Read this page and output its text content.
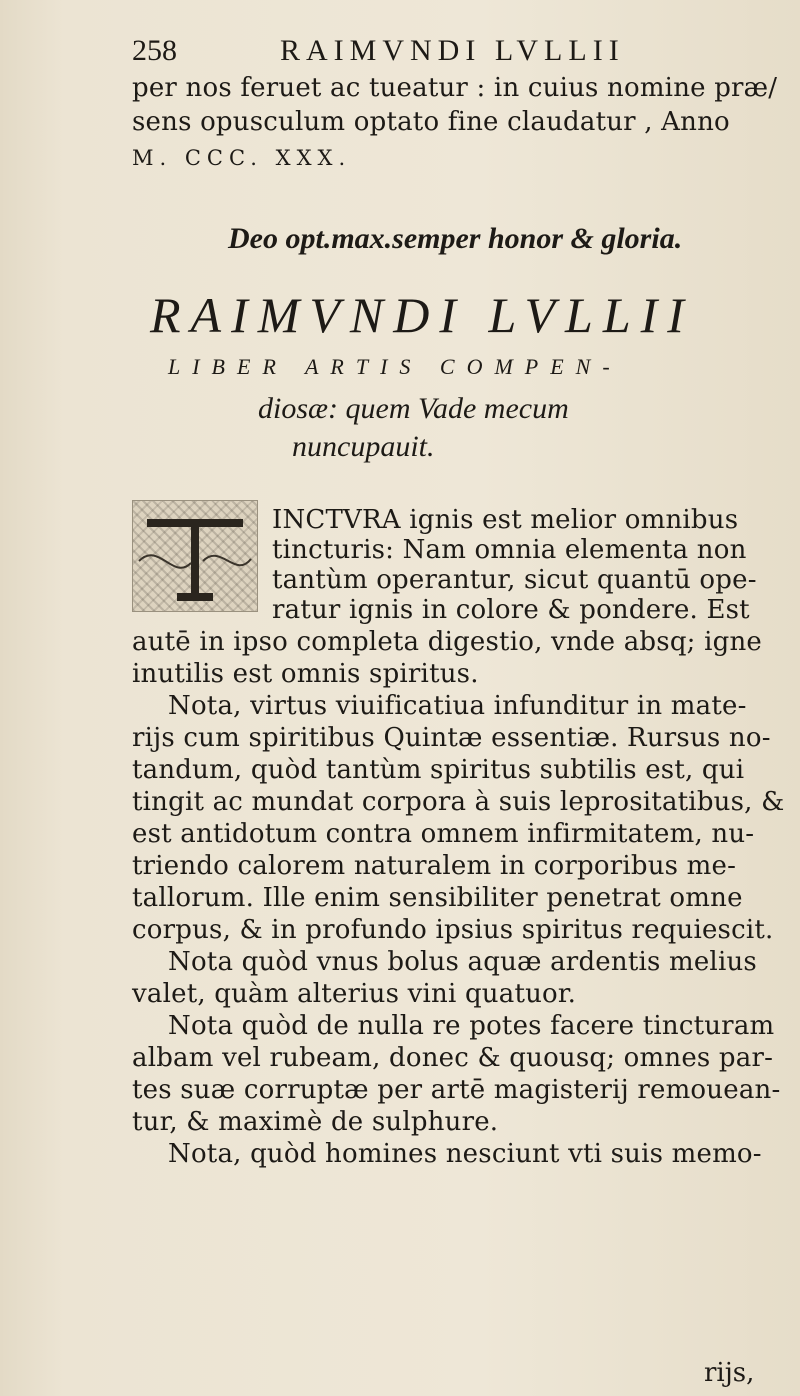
258	RAIMVNDI LVLLII
per nos feruet ac tueatur : in cuius nomine præ/
sens opusculum optato fine claudatur , Anno
M. CCC. XXX.
Deo opt.max.semper honor & gloria.
RAIMVNDI LVLLII
LIBER ARTIS COMPEN-
diosæ: quem Vade mecum
nuncupauit.
INCTVRA ignis est melior omnibus
tincturis: Nam omnia elementa non
tantùm operantur, sicut quantū ope-
ratur ignis in colore & pondere. Est
autē in ipso completa digestio, vnde absq; igne
inutilis est omnis spiritus.
Nota, virtus viuificatiua infunditur in mate-
rijs cum spiritibus Quintæ essentiæ. Rursus no-
tandum, quòd tantùm spiritus subtilis est, qui
tingit ac mundat corpora à suis leprositatibus, &
est antidotum contra omnem infirmitatem, nu-
triendo calorem naturalem in corporibus me-
tallorum. Ille enim sensibiliter penetrat omne
corpus, & in profundo ipsius spiritus requiescit.
Nota quòd vnus bolus aquæ ardentis melius
valet, quàm alterius vini quatuor.
Nota quòd de nulla re potes facere tincturam
albam vel rubeam, donec & quousq; omnes par-
tes suæ corruptæ per artē magisterij remouean-
tur, & maximè de sulphure.
Nota, quòd homines nesciunt vti suis memo-
rijs,
